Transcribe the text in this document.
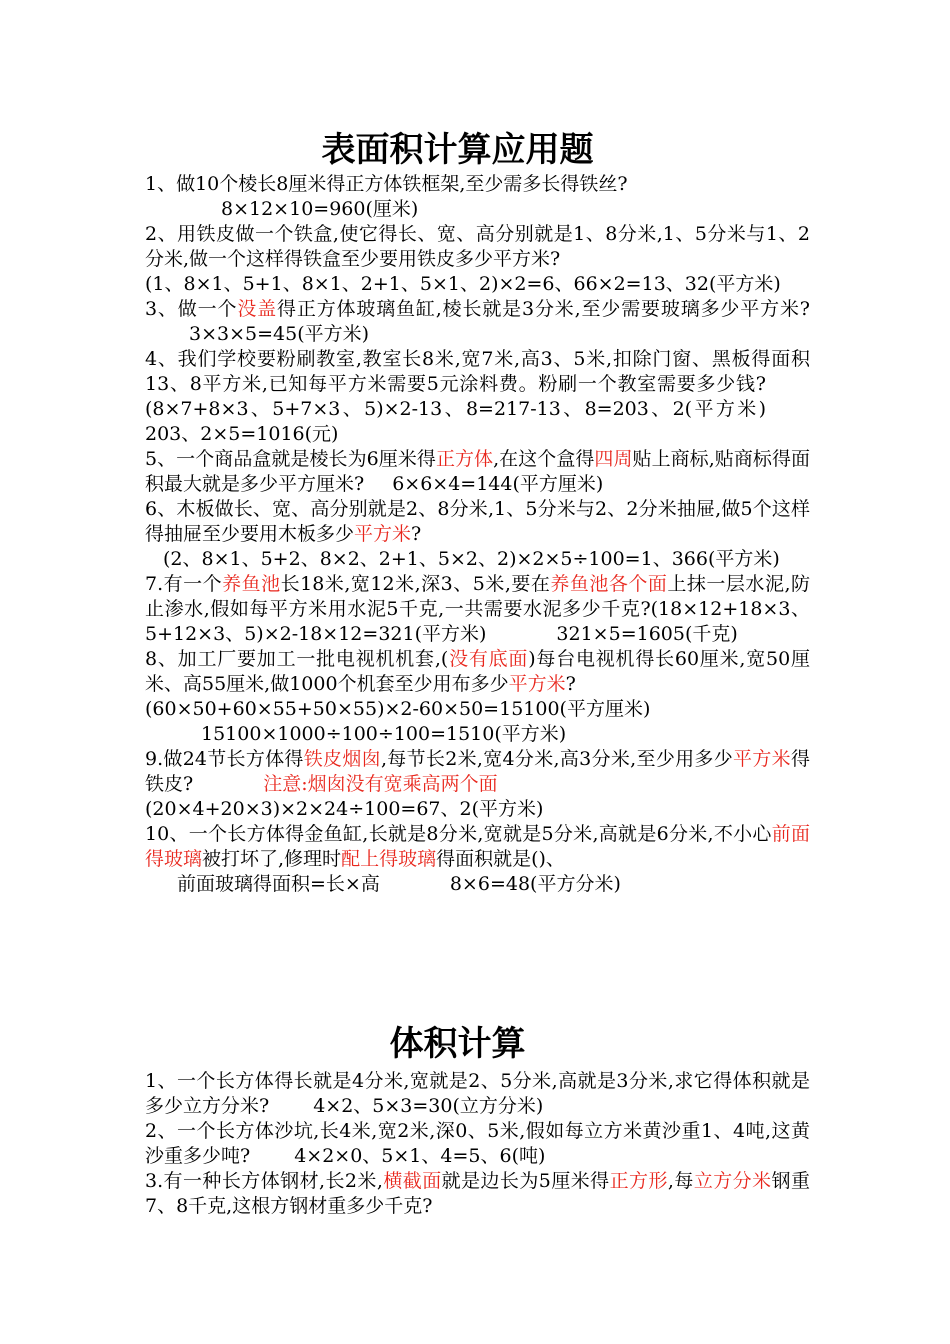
表面积计算应用题

1、做10个棱长8厘米得正方体铁框架,至少需多长得铁丝?

8×12×10=960(厘米)

2、用铁皮做一个铁盒,使它得长、宽、高分别就是1、8分米,1、5分米与1、2分米,做一个这样得铁盒至少要用铁皮多少平方米?

(1、8×1、5+1、8×1、2+1、5×1、2)×2=6、66×2=13、32(平方米)

3、做一个没盖得正方体玻璃鱼缸,棱长就是3分米,至少需要玻璃多少平方米?3×3×5=45(平方米)

4、我们学校要粉刷教室,教室长8米,宽7米,高3、5米,扣除门窗、黑板得面积13、8平方米,已知每平方米需要5元涂料费。粉刷一个教室需要多少钱?(8×7+8×3、5+7×3、5)×2-13、8=217-13、8=203、2(平方米)203、2×5=1016(元)

5、一个商品盒就是棱长为6厘米得正方体,在这个盒得四周贴上商标,贴商标得面积最大就是多少平方厘米? 6×6×4=144(平方厘米)

6、木板做长、宽、高分别就是2、8分米,1、5分米与2、2分米抽屉,做5个这样得抽屉至少要用木板多少平方米?

(2、8×1、5+2、8×2、2+1、5×2、2)×2×5÷100=1、366(平方米)

7.有一个养鱼池长18米,宽12米,深3、5米,要在养鱼池各个面上抹一层水泥,防止渗水,假如每平方米用水泥5千克,一共需要水泥多少千克?(18×12+18×3、5+12×3、5)×2-18×12=321(平方米)	321×5=1605(千克)

8、加工厂要加工一批电视机机套,(没有底面)每台电视机得长60厘米,宽50厘米、高55厘米,做1000个机套至少用布多少平方米?

(60×50+60×55+50×55)×2-60×50=15100(平方厘米)

15100×1000÷100÷100=1510(平方米)

9.做24节长方体得铁皮烟囱,每节长2米,宽4分米,高3分米,至少用多少平方米得铁皮?	注意:烟囱没有宽乘高两个面

(20×4+20×3)×2×24÷100=67、2(平方米)

10、一个长方体得金鱼缸,长就是8分米,宽就是5分米,高就是6分米,不小心前面得玻璃被打坏了,修理时配上得玻璃得面积就是()、

前面玻璃得面积=长×高	8×6=48(平方分米)

体积计算

1、一个长方体得长就是4分米,宽就是2、5分米,高就是3分米,求它得体积就是多少立方分米? 4×2、5×3=30(立方分米)

2、一个长方体沙坑,长4米,宽2米,深0、5米,假如每立方米黄沙重1、4吨,这黄沙重多少吨? 4×2×0、5×1、4=5、6(吨)

3.有一种长方体钢材,长2米,横截面就是边长为5厘米得正方形,每立方分米钢重7、8千克,这根方钢材重多少千克?
